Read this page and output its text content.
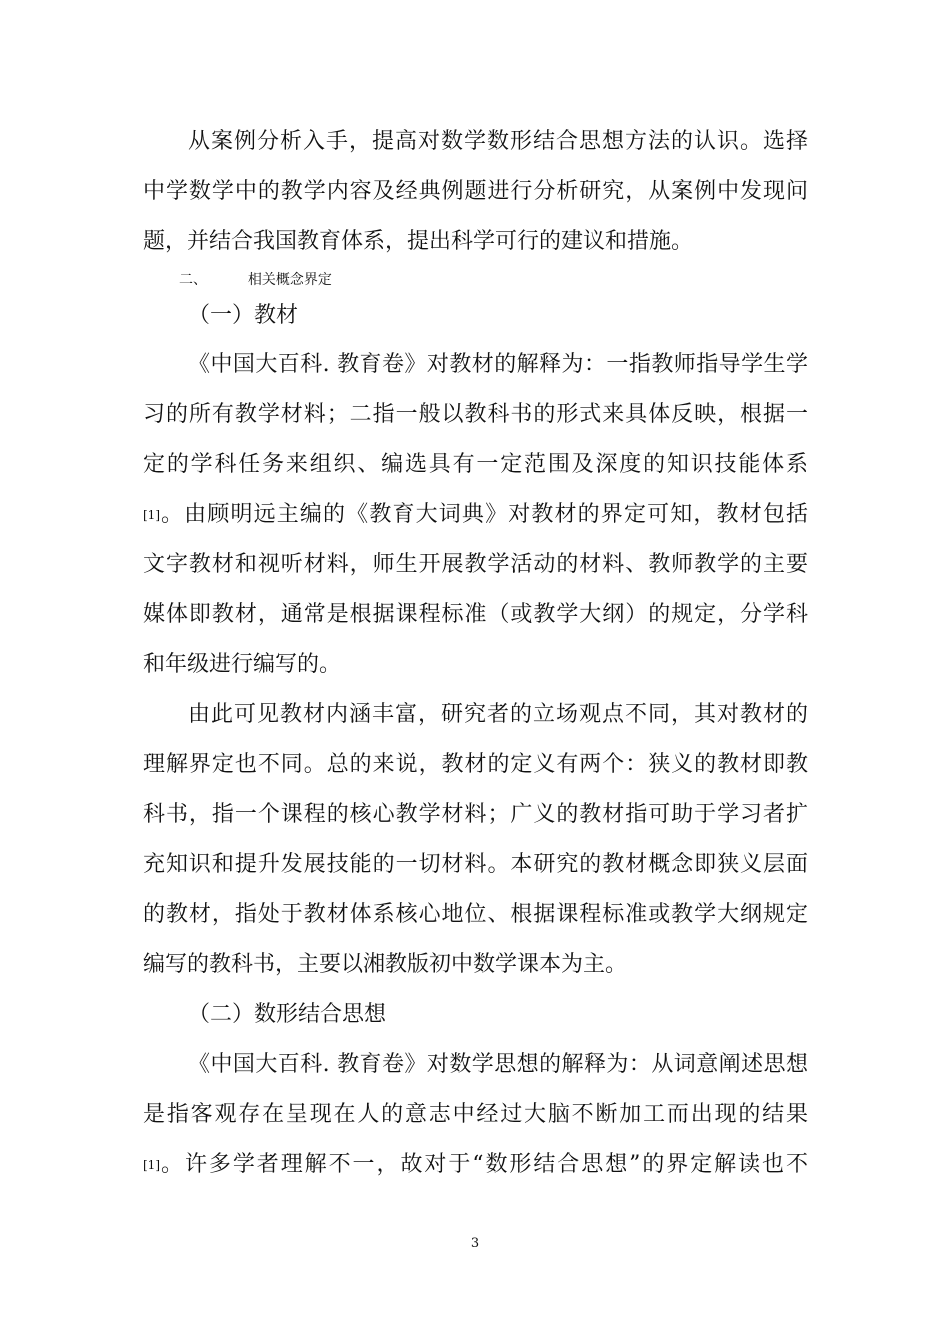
从案例分析入手，提高对数学数形结合思想方法的认识。选择
中学数学中的教学内容及经典例题进行分析研究，从案例中发现问
题，并结合我国教育体系，提出科学可行的建议和措施。
二、	相关概念界定
（一）教材
《中国大百科. 教育卷》对教材的解释为：一指教师指导学生学
习的所有教学材料；二指一般以教科书的形式来具体反映，根据一
定的学科任务来组织、编选具有一定范围及深度的知识技能体系
[1] 。由顾明远主编的《教育大词典》对教材的界定可知，教材包括
文字教材和视听材料，师生开展教学活动的材料、教师教学的主要
媒体即教材，通常是根据课程标准（或教学大纲）的规定，分学科
和年级进行编写的。
由此可见教材内涵丰富，研究者的立场观点不同，其对教材的
理解界定也不同。总的来说，教材的定义有两个：狭义的教材即教
科书，指一个课程的核心教学材料；广义的教材指可助于学习者扩
充知识和提升发展技能的一切材料。本研究的教材概念即狭义层面
的教材，指处于教材体系核心地位、根据课程标准或教学大纲规定
编写的教科书，主要以湘教版初中数学课本为主。
（二）数形结合思想
《中国大百科. 教育卷》对数学思想的解释为：从词意阐述思想
是指客观存在呈现在人的意志中经过大脑不断加工而出现的结果
[1] 。许多学者理解不一，故对于“数形结合思想”的界定解读也不
3
